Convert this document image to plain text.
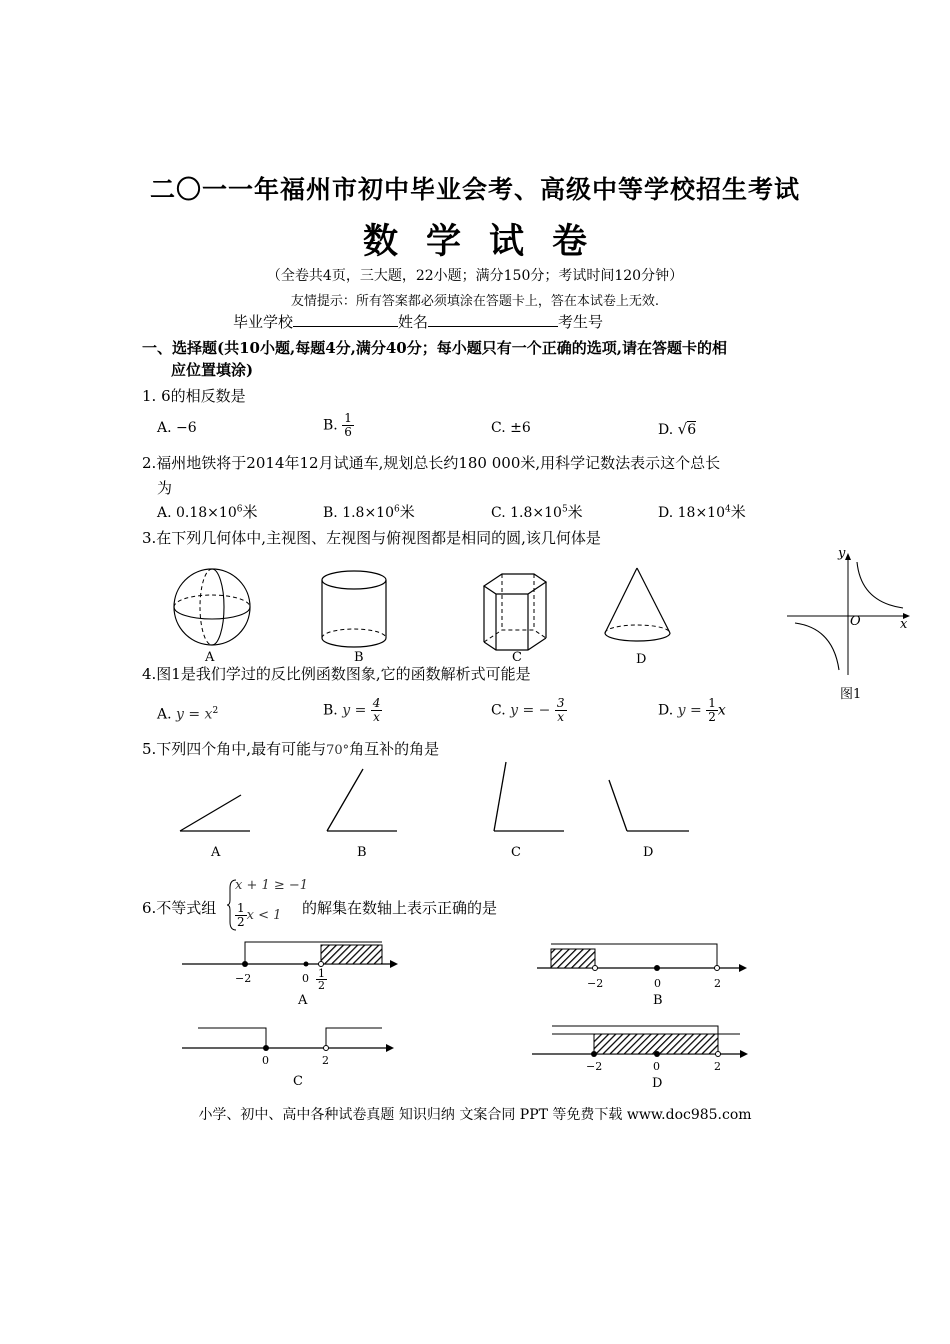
二〇一一年福州市初中毕业会考、高级中等学校招生考试
数 学 试 卷
（全卷共4页，三大题，22小题；满分150分；考试时间120分钟）
友情提示：所有答案都必须填涂在答题卡上，答在本试卷上无效.
毕业学校	姓名	考生号
一、选择题(共10小题,每题4分,满分40分；每小题只有一个正确的选项,请在答题卡的相
应位置填涂)
1. 6的相反数是
A. −6	B. $\frac{1}{6}$	C. ±6	D. √6
2.福州地铁将于2014年12月试通车,规划总长约180 000米,用科学记数法表示这个总长
为
A. $0.18\times 10^6$米	B. $1.8\times 10^6$米	C. $1.8\times 10^5$米	D. $18\times 10^4$米
3.在下列几何体中,主视图、左视图与俯视图都是相同的圆,该几何体是
A	B	C	D
y
x
O
图1
4.图1是我们学过的反比例函数图象,它的函数解析式可能是
A. $y = x^2$	B. $y = \frac{4}{x}$	C. y = − $\frac{3}{x}$	D. $y = \frac{1}{2}$ x
5.下列四个角中,最有可能与70°角互补的角是
A	B	C	D
6.不等式组
x + 1 ≥ −1
$\frac{1}{2}$ x < 1 的解集在数轴上表示正确的是
−2	$0 \frac{1}{2}$
A
−2	0	2
B
0	2
C
−2	0	2
D
小学、初中、高中各种试卷真题 知识归纳 文案合同 PPT 等免费下载 www.doc985.com
